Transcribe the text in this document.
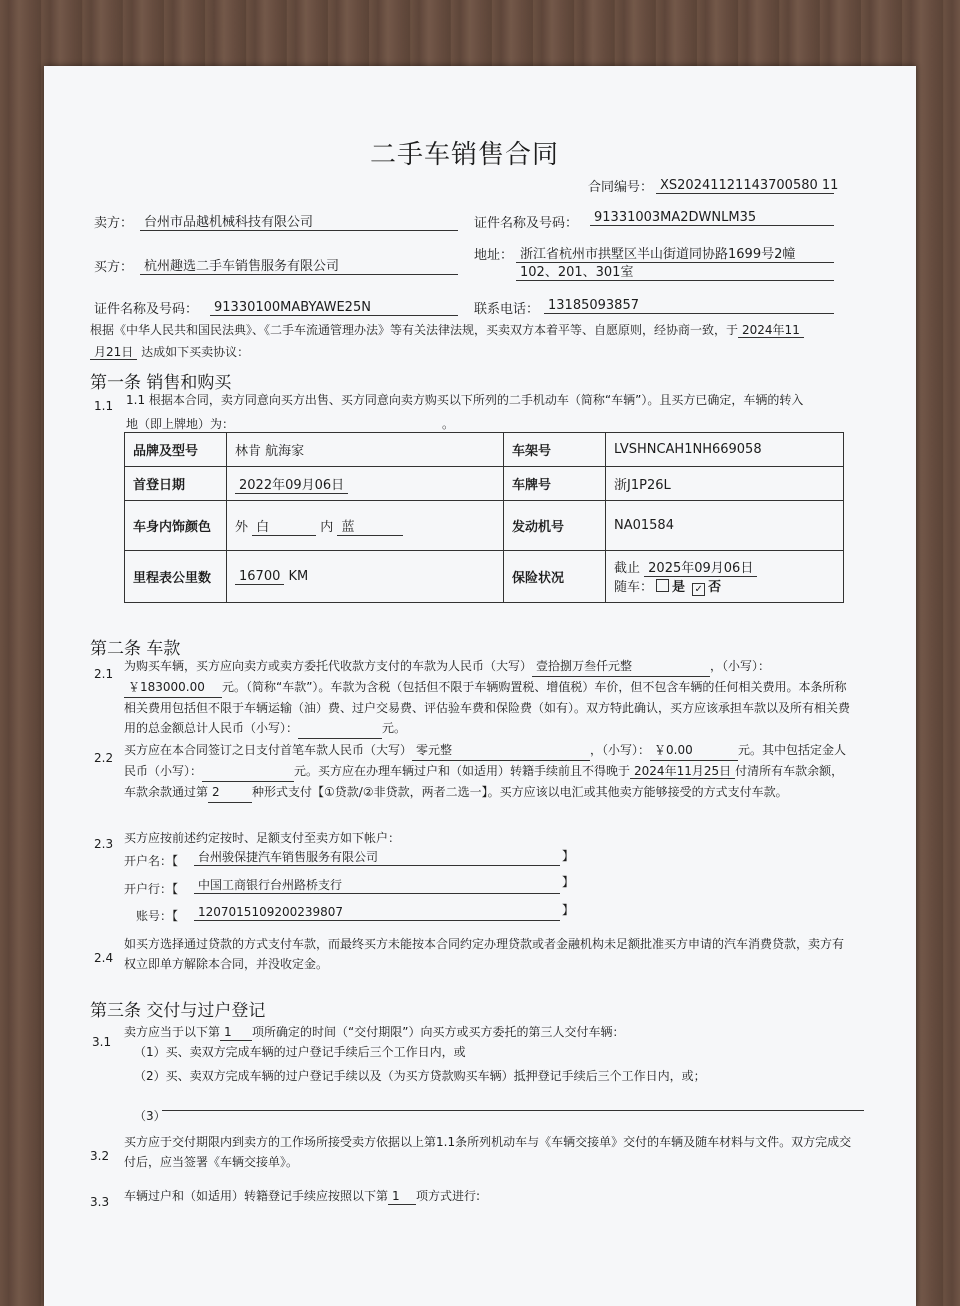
二手车销售合同
合同编号： XS20241121143700580 11
卖方： 台州市品越机械科技有限公司	证件名称及号码：	91331003MA2DWNLM35
买方： 杭州趣选二手车销售服务有限公司
地址： 浙江省杭州市拱墅区半山街道同协路1699号2幢
102、201、301室
证件名称及号码：	91330100MABYAWE25N	联系电话： 13185093857
根据《中华人民共和国民法典》、《二手车流通管理办法》等有关法律法规，买卖双方本着平等、自愿原则，经协商一致，于 2024年11
月21日 达成如下买卖协议：
第一条 销售和购买
1.1 1.1 根据本合同，卖方同意向买方出售、买方同意向卖方购买以下所列的二手机动车（简称“车辆”）。且买方已确定，车辆的转入
地（即上牌地）为：	。
品牌及型号	林肯 航海家	车架号	LVSHNCAH1NH669058
首登日期	2022年09月06日	车牌号	浙J1P26L
车身内饰颜色	外 白 内 蓝	发动机号	NA01584
里程表公里数	16700 KM	保险状况	截止 2025年09月06日
随车： 是 ✓ 否
第二条 车款
2.1
为购买车辆，买方应向卖方或卖方委托代收款方支付的车款为人民币（大写） 壹拾捌万叁仟元整	，（小写）：
￥183000.00 元。（简称“车款”）。车款为含税（包括但不限于车辆购置税、增值税）车价，但不包含车辆的任何相关费用。本条所称相关费用包括但不限于车辆运输（油）费、过户交易费、评估验车费和保险费（如有）。双方特此确认，买方应该承担车款以及所有相关费用的总金额总计人民币（小写）：	元。
2.2
买方应在本合同签订之日支付首笔车款人民币（大写） 零元整	，（小写）： ￥0.00	元。其中包括定金人民币（小写）：	元。买方应在办理车辆过户和（如适用）转籍手续前且不得晚于 2024年11月25日 付清所有车款余额，车款余款通过第 2	种形式支付【①贷款/②非贷款，两者二选一】。买方应该以电汇或其他卖方能够接受的方式支付车款。
2.3 买方应按前述约定按时、足额支付至卖方如下帐户：
开户名：【	台州骏保捷汽车销售服务有限公司	】
开户行：【	中国工商银行台州路桥支行	】
账号：【	1207015109200239807	】
2.4
如买方选择通过贷款的方式支付车款，而最终买方未能按本合同约定办理贷款或者金融机构未足额批准买方申请的汽车消费贷款，卖方有权立即单方解除本合同，并没收定金。
第三条 交付与过户登记
3.1
卖方应当于以下第 1 项所确定的时间（“交付期限”）向买方或买方委托的第三人交付车辆：
（1）买、卖双方完成车辆的过户登记手续后三个工作日内，或
（2）买、卖双方完成车辆的过户登记手续以及（为买方贷款购买车辆）抵押登记手续后三个工作日内，或；
（3）
3.2
买方应于交付期限内到卖方的工作场所接受卖方依据以上第1.1条所列机动车与《车辆交接单》交付的车辆及随车材料与文件。双方完成交付后，应当签署《车辆交接单》。
3.3 车辆过户和（如适用）转籍登记手续应按照以下第 1 项方式进行:
